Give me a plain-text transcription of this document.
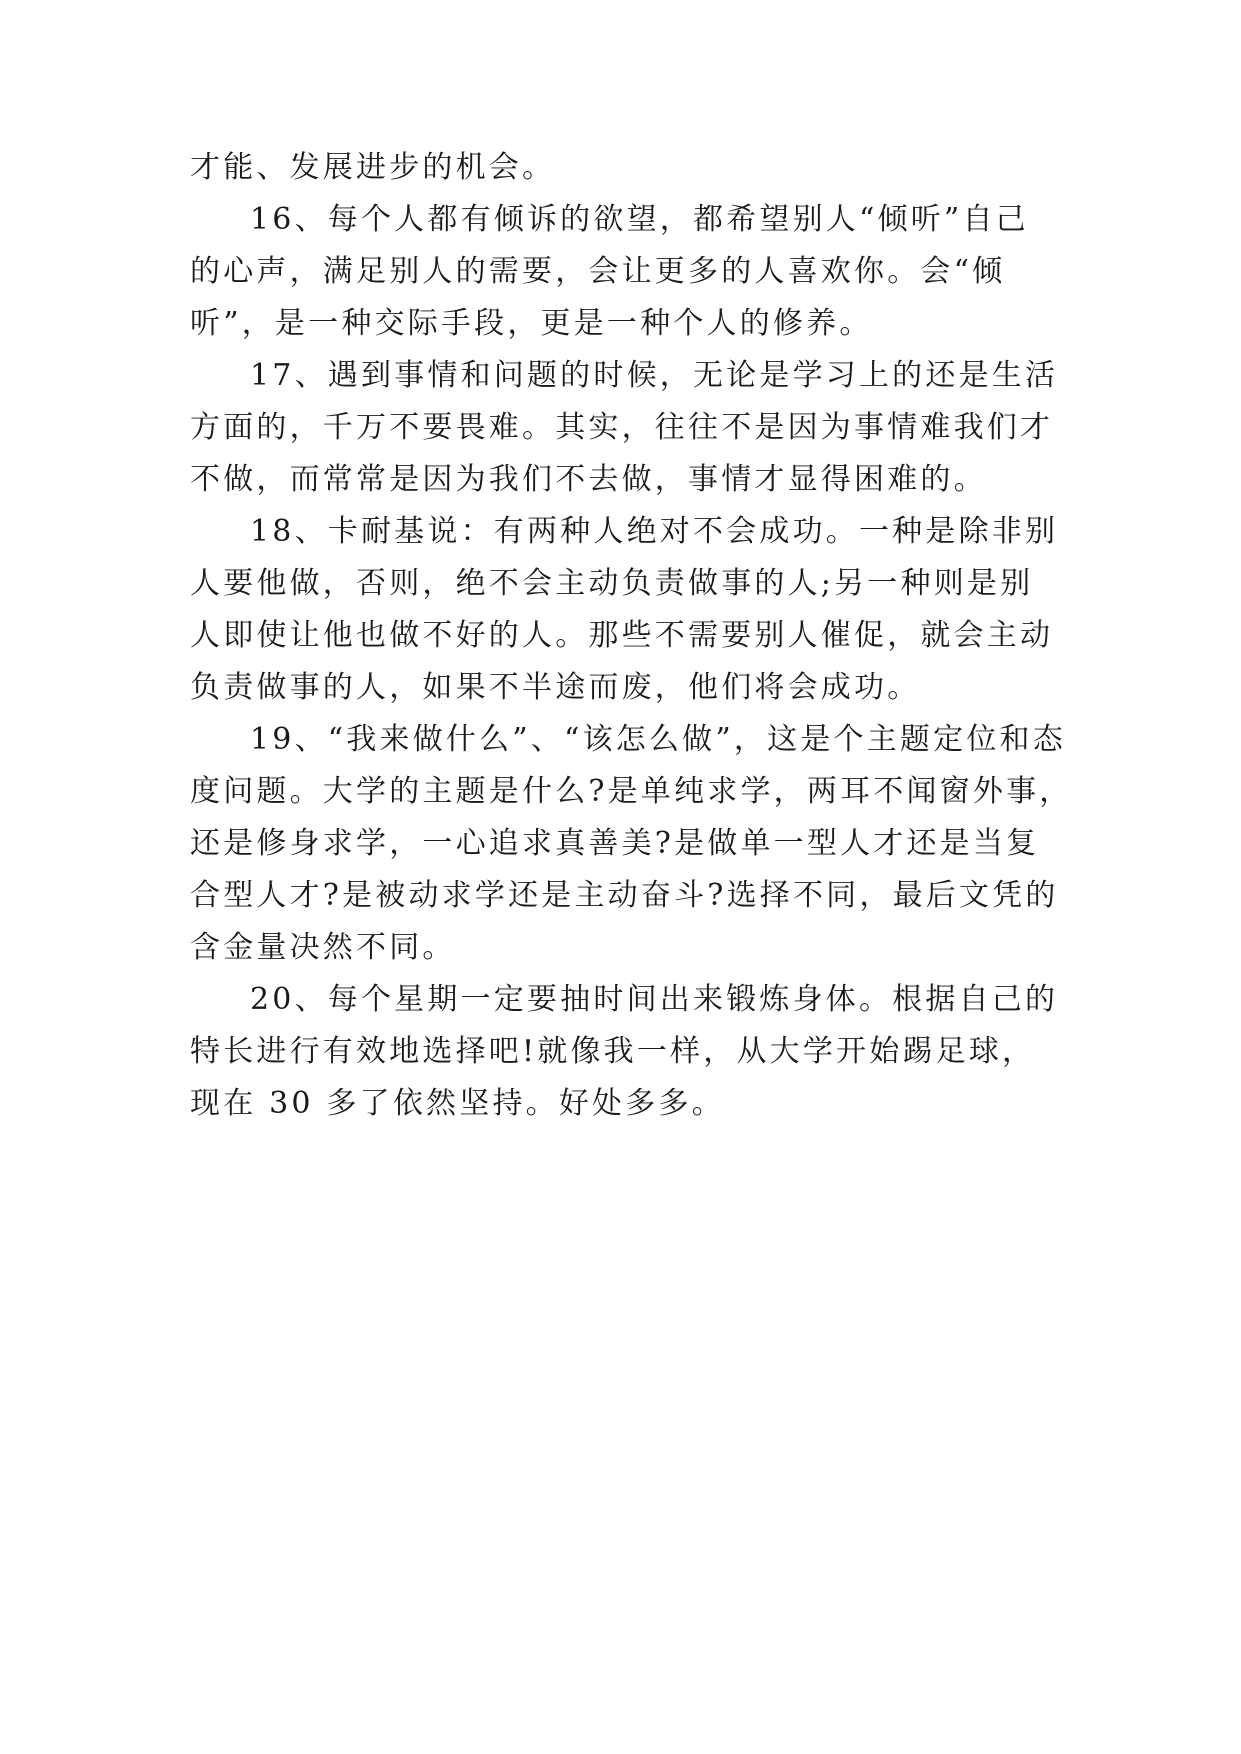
才能、发展进步的机会。
16、每个人都有倾诉的欲望，都希望别人“倾听”自己
的心声，满足别人的需要，会让更多的人喜欢你。会“倾
听”，是一种交际手段，更是一种个人的修养。
17、遇到事情和问题的时候，无论是学习上的还是生活
方面的，千万不要畏难。其实，往往不是因为事情难我们才
不做，而常常是因为我们不去做，事情才显得困难的。
18、卡耐基说：有两种人绝对不会成功。一种是除非别
人要他做，否则，绝不会主动负责做事的人;另一种则是别
人即使让他也做不好的人。那些不需要别人催促，就会主动
负责做事的人，如果不半途而废，他们将会成功。
19、“我来做什么”、“该怎么做”，这是个主题定位和态
度问题。大学的主题是什么?是单纯求学，两耳不闻窗外事，
还是修身求学，一心追求真善美?是做单一型人才还是当复
合型人才?是被动求学还是主动奋斗?选择不同，最后文凭的
含金量决然不同。
20、每个星期一定要抽时间出来锻炼身体。根据自己的
特长进行有效地选择吧!就像我一样，从大学开始踢足球，
现在 30 多了依然坚持。好处多多。
